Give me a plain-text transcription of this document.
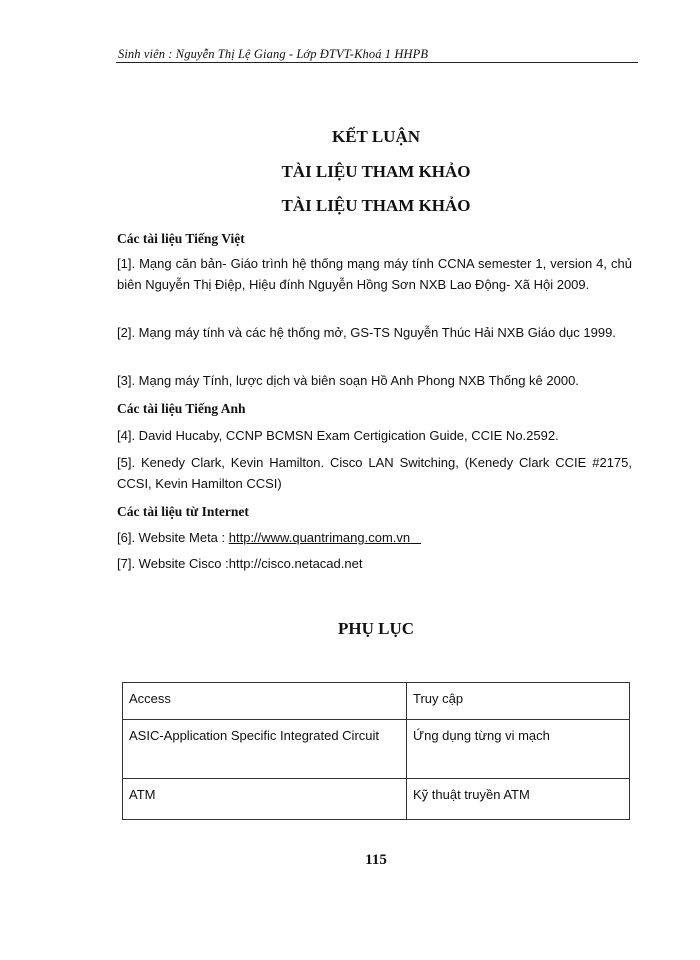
Sinh viên : Nguyễn Thị Lệ Giang - Lớp ĐTVT-Khoá 1 HHPB
KẾT LUẬN
TÀI LIỆU THAM KHẢO
TÀI LIỆU THAM KHẢO
Các tài liệu Tiếng Việt
[1]. Mạng căn bản- Giáo trình hệ thống mạng máy tính CCNA semester 1, version 4, chủ biên Nguyễn Thị Điệp, Hiệu đính Nguyễn Hồng Sơn NXB Lao Động- Xã Hội 2009.
[2]. Mạng máy tính và các hệ thống mở, GS-TS Nguyễn Thúc Hải NXB Giáo dục 1999.
[3]. Mạng máy Tính, lược dịch và biên soạn Hồ Anh Phong NXB Thống kê 2000.
Các tài liệu Tiếng Anh
[4]. David Hucaby, CCNP BCMSN Exam Certigication Guide, CCIE No.2592.
[5]. Kenedy Clark, Kevin Hamilton. Cisco LAN Switching, (Kenedy Clark CCIE #2175, CCSI, Kevin Hamilton CCSI)
Các tài liệu từ Internet
[6]. Website Meta : http://www.quantrimang.com.vn
[7]. Website Cisco :http://cisco.netacad.net
PHỤ LỤC
Access	Truy cập
ASIC-Application Specific Integrated Circuit	Ứng dụng từng vi mạch
ATM	Kỹ thuật truyền ATM
115
